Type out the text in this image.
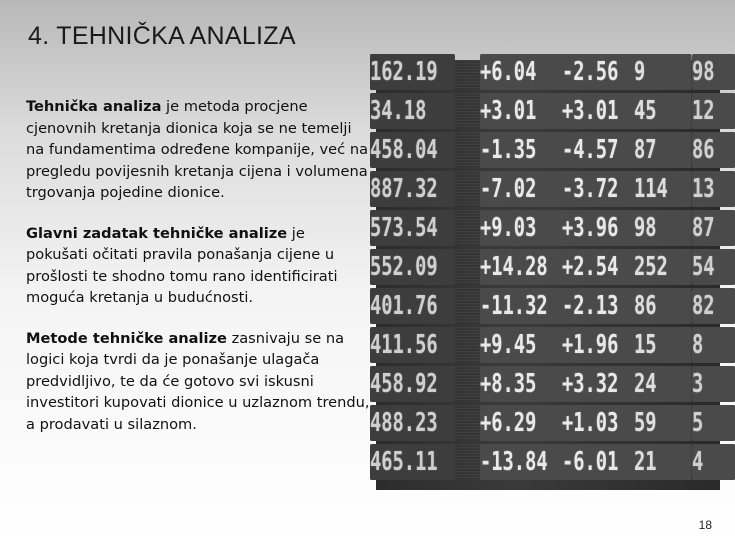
4. TEHNIČKA ANALIZA

Tehnička analiza je metoda procjene cjenovnih kretanja dionica koja se ne temelji na fundamentima određene kompanije, već na pregledu povijesnih kretanja cijena i volumena trgovanja pojedine dionice.

Glavni zadatak tehničke analize je pokušati očitati pravila ponašanja cijene u prošlosti te shodno tomu rano identificirati moguća kretanja u budućnosti.

Metode tehničke analize zasnivaju se na logici koja tvrdi da je ponašanje ulagača predvidljivo, te da će gotovo svi iskusni investitori kupovati dionice u uzlaznom trendu, a prodavati u silaznom.

162.19	+6.04 -2.56 9	98
34.18	+3.01 +3.01 45	12
458.04	-1.35 -4.57 87	86
887.32	-7.02 -3.72 114 13
573.54	+9.03 +3.96 98	87
552.09	+14.28 +2.54 252 54
401.76	-11.32 -2.13 86	82
411.56	+9.45 +1.96 15	8
458.92	+8.35 +3.32 24	3
488.23	+6.29 +1.03 59	5
465.11	-13.84 -6.01 21	4
18
